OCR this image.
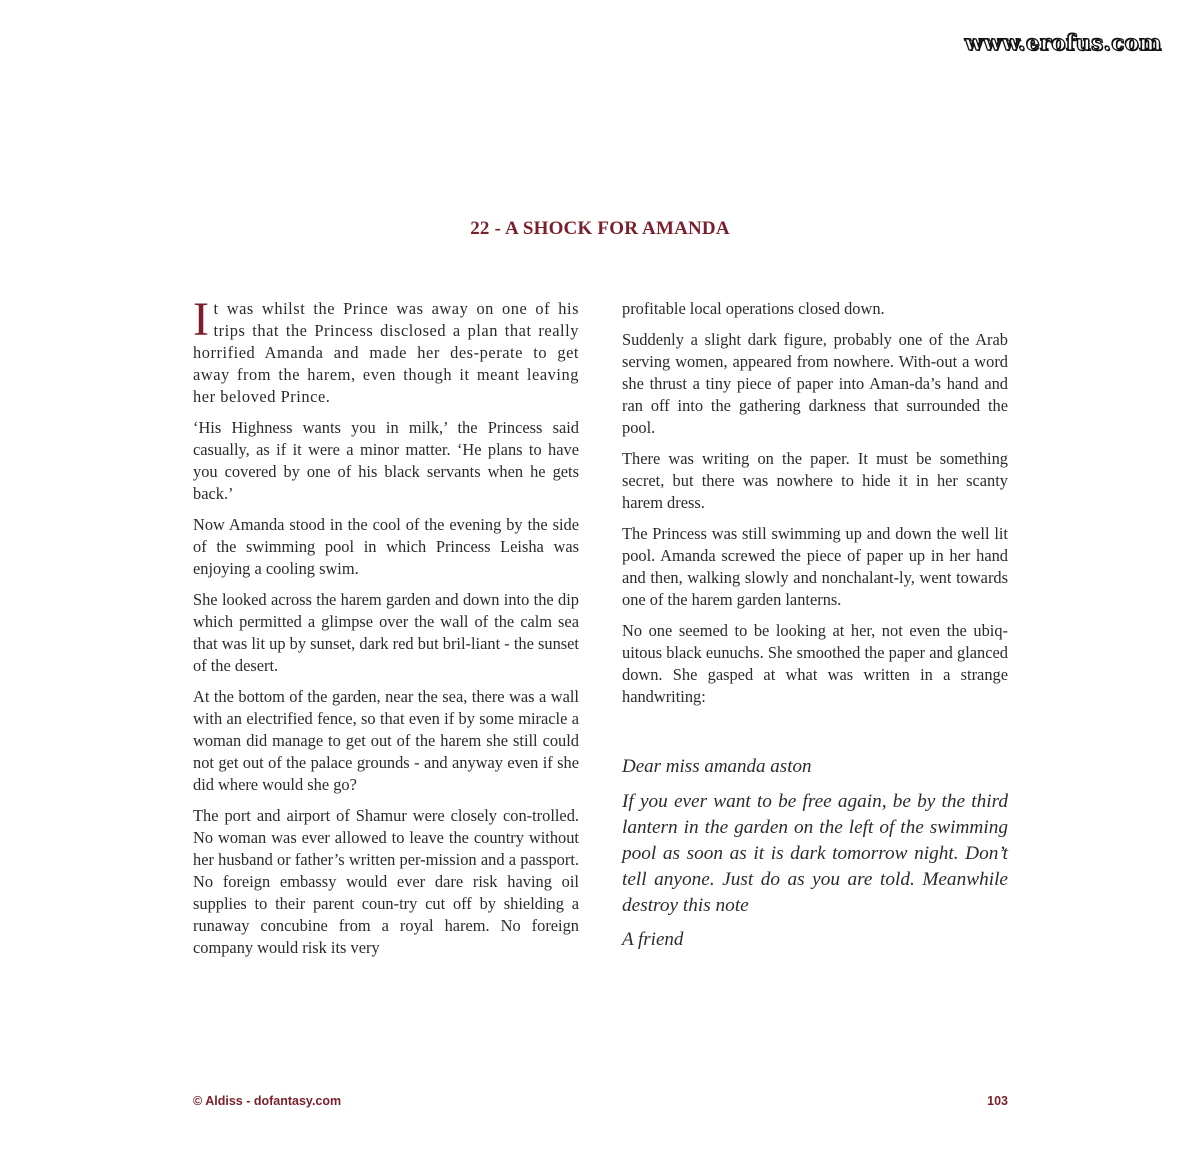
www.erofus.com
22 - A SHOCK FOR AMANDA

It was whilst the Prince was away on one of his trips that the Princess disclosed a plan that really horrified Amanda and made her des-perate to get away from the harem, even though it meant leaving her beloved Prince.

‘His Highness wants you in milk,’ the Princess said casually, as if it were a minor matter. ‘He plans to have you covered by one of his black servants when he gets back.’

Now Amanda stood in the cool of the evening by the side of the swimming pool in which Princess Leisha was enjoying a cooling swim.

She looked across the harem garden and down into the dip which permitted a glimpse over the wall of the calm sea that was lit up by sunset, dark red but bril-liant - the sunset of the desert.

At the bottom of the garden, near the sea, there was a wall with an electrified fence, so that even if by some miracle a woman did manage to get out of the harem she still could not get out of the palace grounds - and anyway even if she did where would she go?

The port and airport of Shamur were closely con-trolled. No woman was ever allowed to leave the country without her husband or father’s written per-mission and a passport. No foreign embassy would ever dare risk having oil supplies to their parent coun-try cut off by shielding a runaway concubine from a royal harem. No foreign company would risk its very

profitable local operations closed down.

Suddenly a slight dark figure, probably one of the Arab serving women, appeared from nowhere. With-out a word she thrust a tiny piece of paper into Aman-da’s hand and ran off into the gathering darkness that surrounded the pool.

There was writing on the paper. It must be something secret, but there was nowhere to hide it in her scanty harem dress.

The Princess was still swimming up and down the well lit pool. Amanda screwed the piece of paper up in her hand and then, walking slowly and nonchalant-ly, went towards one of the harem garden lanterns.

No one seemed to be looking at her, not even the ubiq-uitous black eunuchs. She smoothed the paper and glanced down. She gasped at what was written in a strange handwriting:

Dear miss amanda aston

If you ever want to be free again, be by the third lantern in the garden on the left of the swimming pool as soon as it is dark tomorrow night. Don’t tell anyone. Just do as you are told. Meanwhile destroy this note

A friend

© Aldiss - dofantasy.com	103
